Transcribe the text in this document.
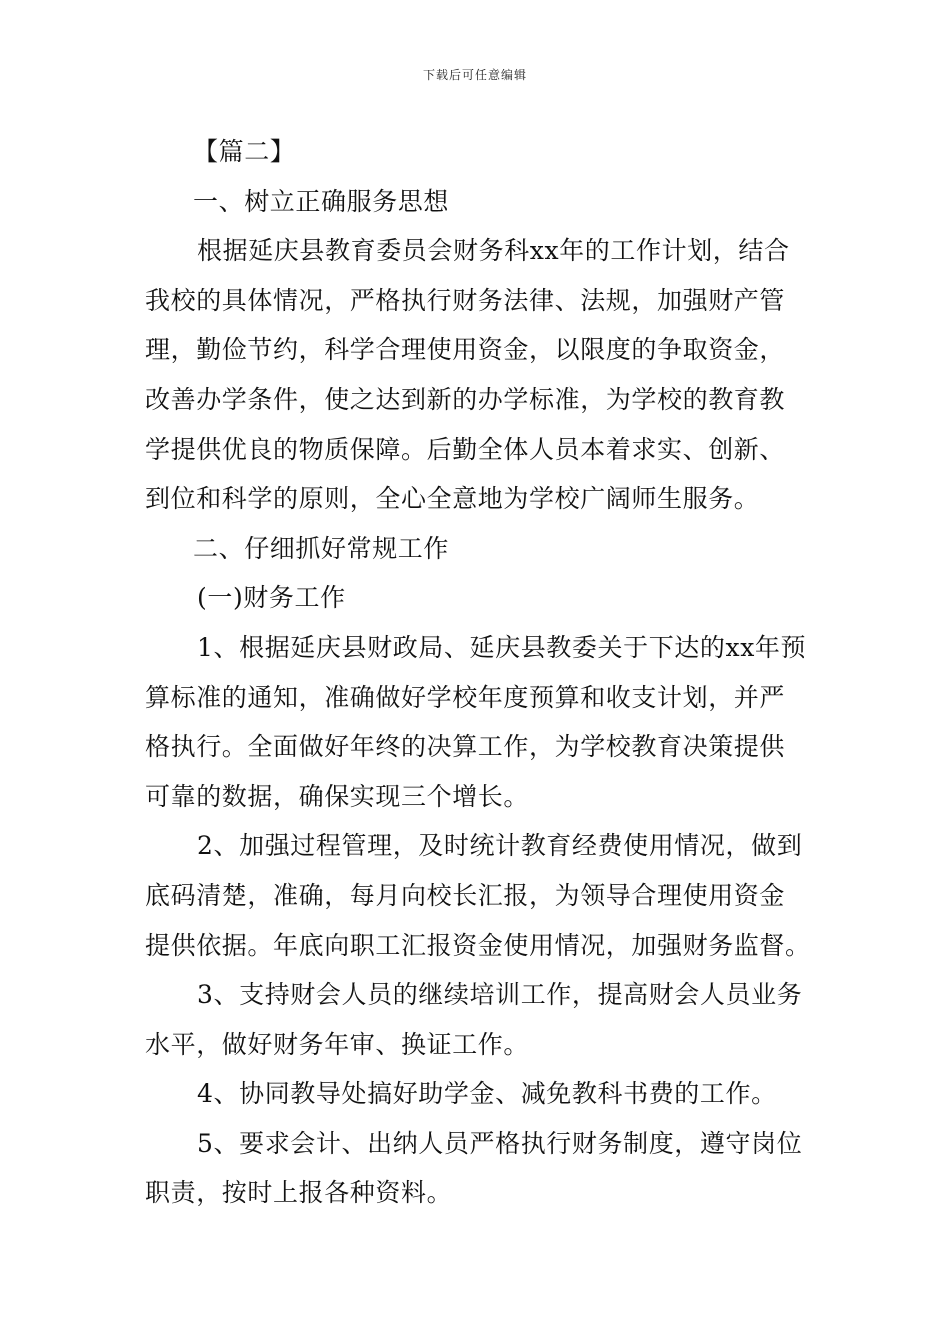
下载后可任意编辑
【篇二】
一、树立正确服务思想
根据延庆县教育委员会财务科xx年的工作计划，结合
我校的具体情况，严格执行财务法律、法规，加强财产管
理，勤俭节约，科学合理使用资金，以限度的争取资金，
改善办学条件，使之达到新的办学标准，为学校的教育教
学提供优良的物质保障。后勤全体人员本着求实、创新、
到位和科学的原则，全心全意地为学校广阔师生服务。
二、仔细抓好常规工作
(一)财务工作
1、根据延庆县财政局、延庆县教委关于下达的xx年预
算标准的通知，准确做好学校年度预算和收支计划，并严
格执行。全面做好年终的决算工作，为学校教育决策提供
可靠的数据，确保实现三个增长。
2、加强过程管理，及时统计教育经费使用情况，做到
底码清楚，准确，每月向校长汇报，为领导合理使用资金
提供依据。年底向职工汇报资金使用情况，加强财务监督。
3、支持财会人员的继续培训工作，提高财会人员业务
水平，做好财务年审、换证工作。
4、协同教导处搞好助学金、减免教科书费的工作。
5、要求会计、出纳人员严格执行财务制度，遵守岗位
职责，按时上报各种资料。
